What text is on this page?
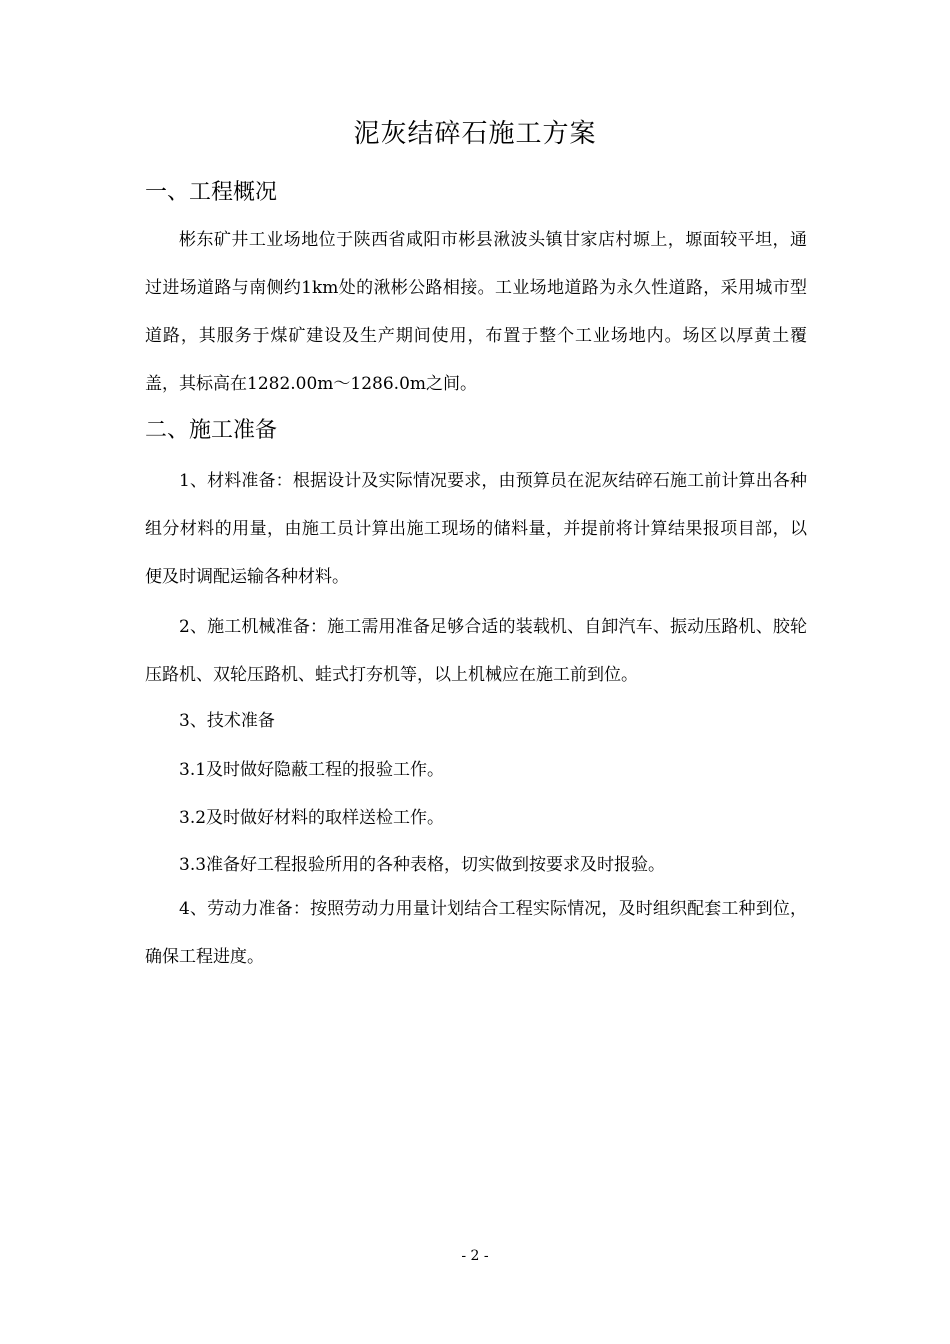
泥灰结碎石施工方案
一、工程概况

彬东矿井工业场地位于陕西省咸阳市彬县湫波头镇甘家店村塬上，塬面较平坦，通过进场道路与南侧约1km处的湫彬公路相接。工业场地道路为永久性道路，采用城市型道路，其服务于煤矿建设及生产期间使用，布置于整个工业场地内。场区以厚黄土覆盖，其标高在1282.00m～1286.0m之间。

二、施工准备

1、材料准备：根据设计及实际情况要求，由预算员在泥灰结碎石施工前计算出各种组分材料的用量，由施工员计算出施工现场的储料量，并提前将计算结果报项目部，以便及时调配运输各种材料。

2、施工机械准备：施工需用准备足够合适的装载机、自卸汽车、振动压路机、胶轮压路机、双轮压路机、蛙式打夯机等，以上机械应在施工前到位。

3、技术准备

3.1及时做好隐蔽工程的报验工作。

3.2及时做好材料的取样送检工作。

3.3准备好工程报验所用的各种表格，切实做到按要求及时报验。

4、劳动力准备：按照劳动力用量计划结合工程实际情况，及时组织配套工种到位，确保工程进度。

- 2 -
